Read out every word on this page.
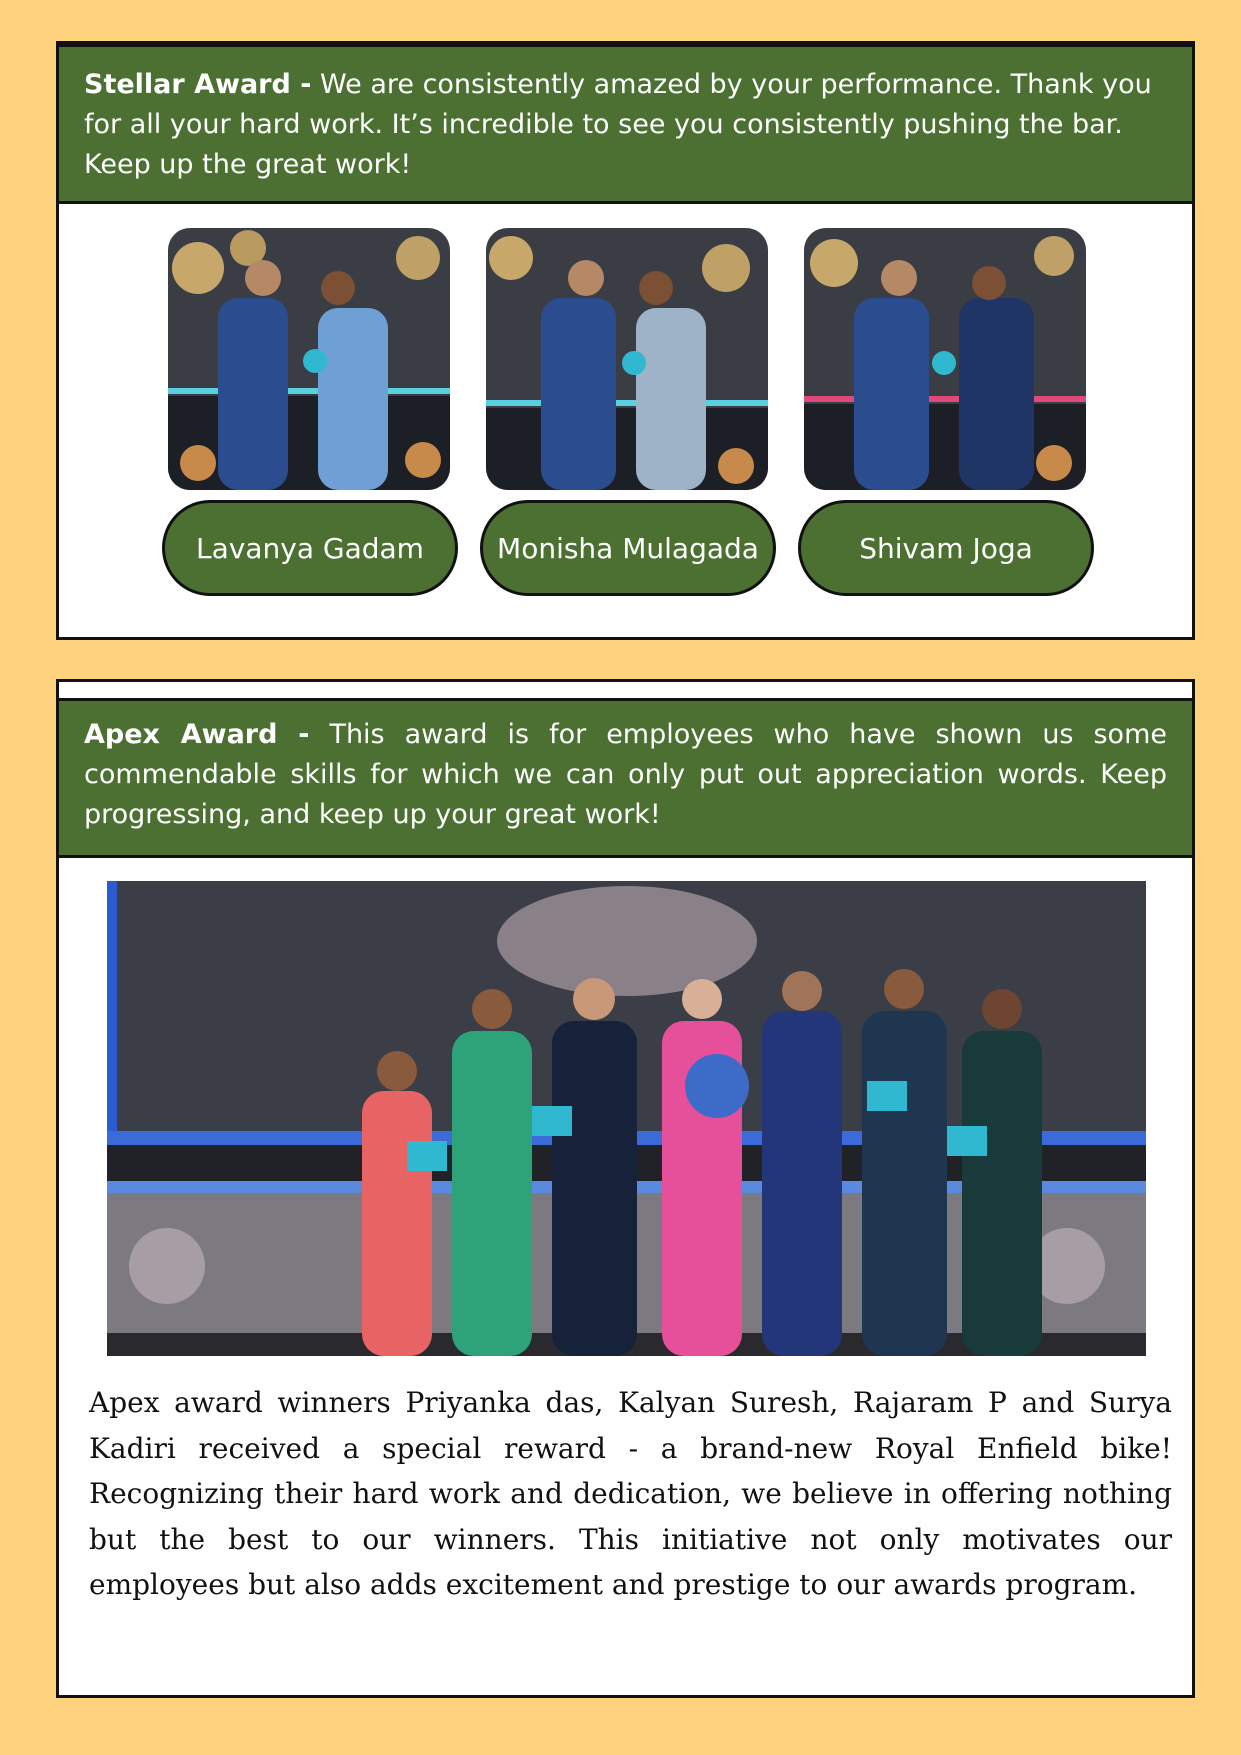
Stellar Award - We are consistently amazed by your performance. Thank you for all your hard work. It’s incredible to see you consistently pushing the bar. Keep up the great work!
Lavanya Gadam	Monisha Mulagada	Shivam Joga
Apex Award - This award is for employees who have shown us some commendable skills for which we can only put out appreciation words. Keep progressing, and keep up your great work!

Apex award winners Priyanka das, Kalyan Suresh, Rajaram P and Surya Kadiri received a special reward - a brand-new Royal Enfield bike! Recognizing their hard work and dedication, we believe in offering nothing but the best to our winners. This initiative not only motivates our employees but also adds excitement and prestige to our awards program.
